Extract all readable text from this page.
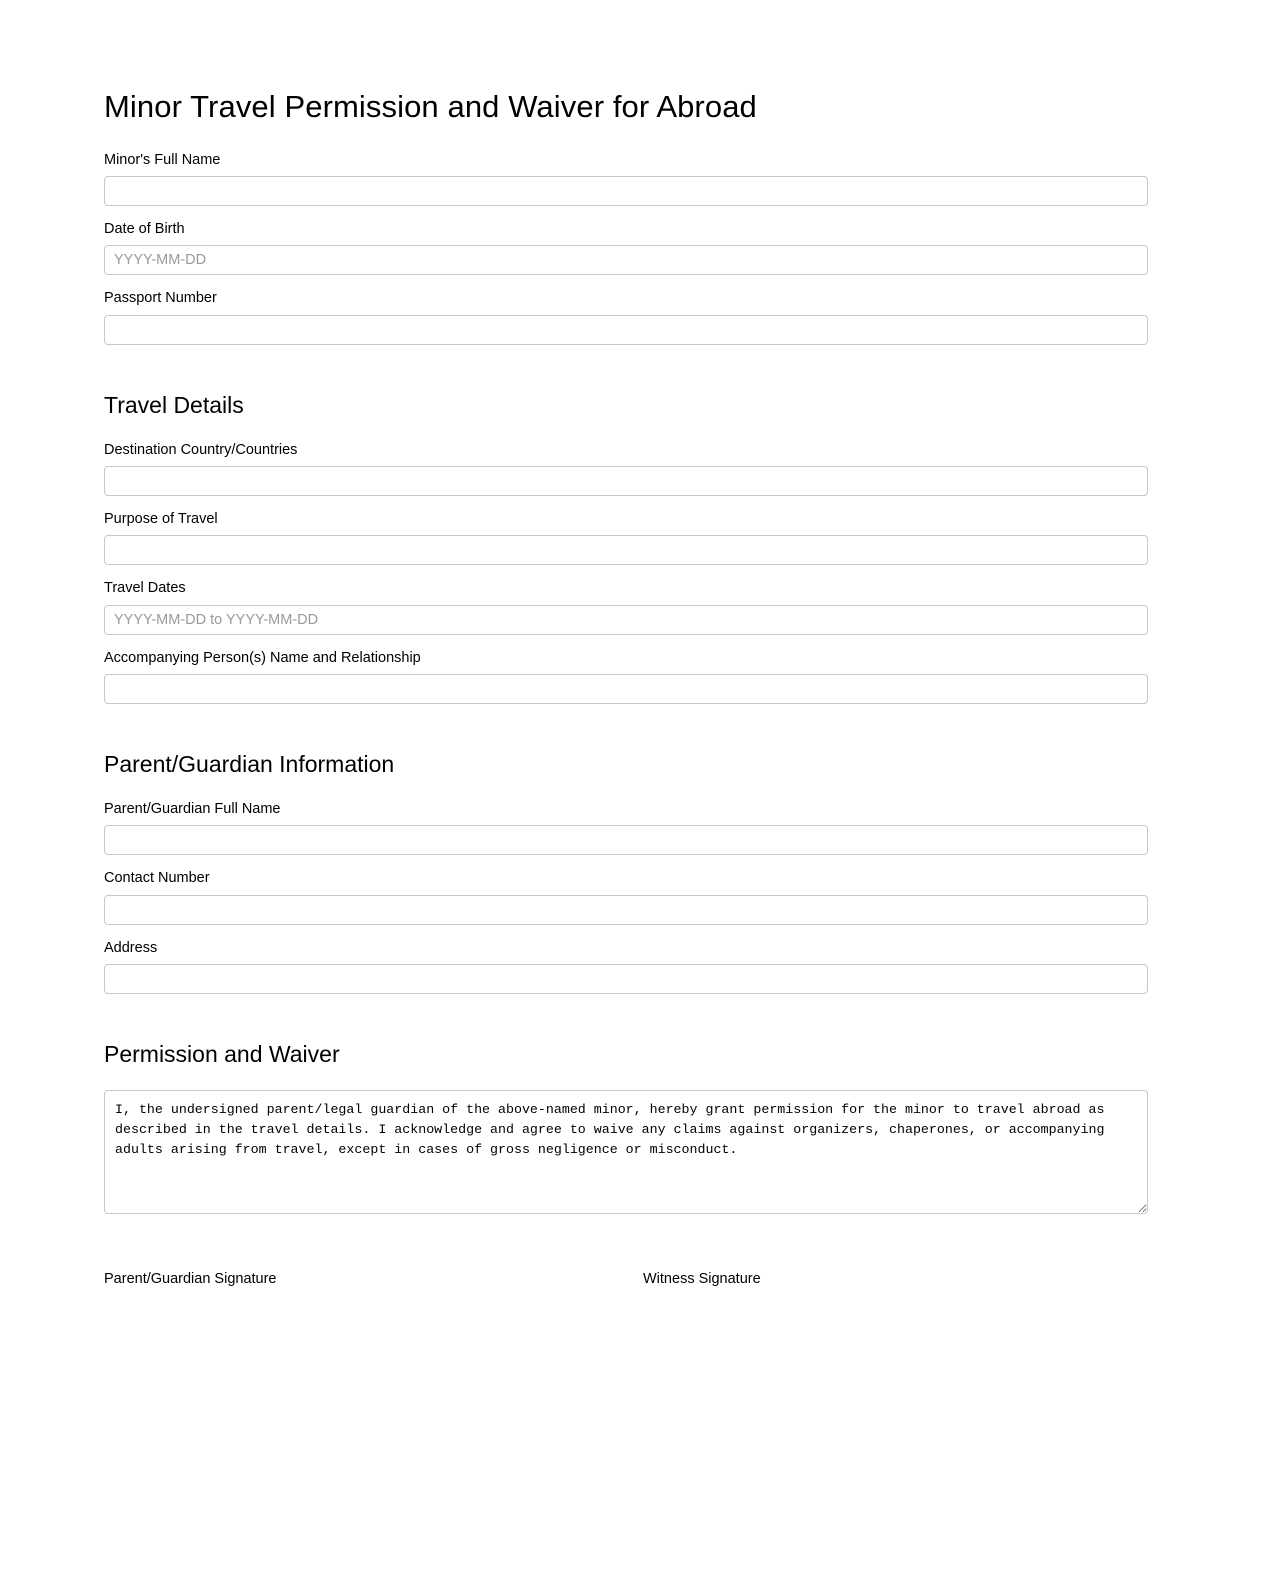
Minor Travel Permission and Waiver for Abroad
Minor's Full Name
Date of Birth
YYYY-MM-DD
Passport Number
Travel Details
Destination Country/Countries
Purpose of Travel
Travel Dates
YYYY-MM-DD to YYYY-MM-DD
Accompanying Person(s) Name and Relationship
Parent/Guardian Information
Parent/Guardian Full Name
Contact Number
Address
Permission and Waiver
I, the undersigned parent/legal guardian of the above-named minor, hereby grant permission for the minor to travel abroad as described in the travel details. I acknowledge and agree to waive any claims against organizers, chaperones, or accompanying adults arising from travel, except in cases of gross negligence or misconduct.
Parent/Guardian Signature	Witness Signature
